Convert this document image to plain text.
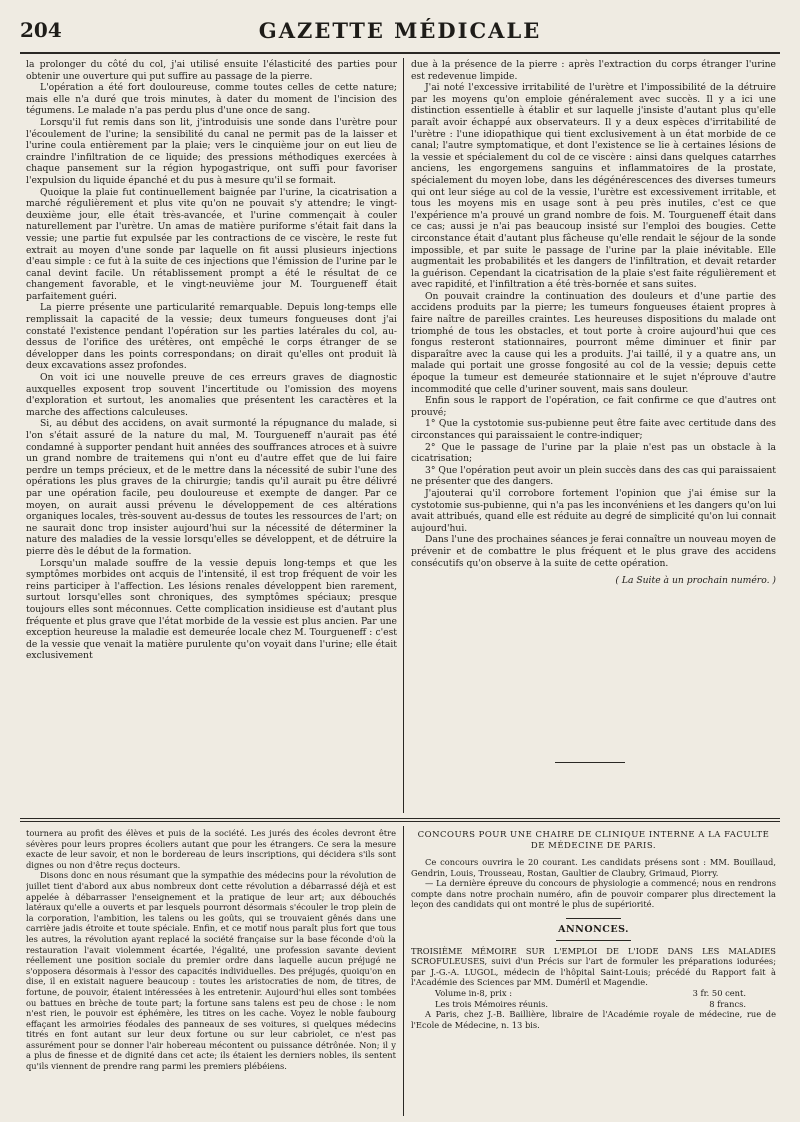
204	GAZETTE MÉDICALE

la prolonger du côté du col, j'ai utilisé ensuite l'élasticité des parties pour obtenir une ouverture qui put suffire au passage de la pierre.

L'opération a été fort douloureuse, comme toutes celles de cette nature; mais elle n'a duré que trois minutes, à dater du moment de l'incision des tégumens. Le malade n'a pas perdu plus d'une once de sang.

Lorsqu'il fut remis dans son lit, j'introduisis une sonde dans l'urètre pour l'écoulement de l'urine; la sensibilité du canal ne permit pas de la laisser et l'urine coula entièrement par la plaie; vers le cinquième jour on eut lieu de craindre l'infiltration de ce liquide; des pressions méthodiques exercées à chaque pansement sur la région hypogastrique, ont suffi pour favoriser l'expulsion du liquide épanché et du pus à mesure qu'il se formait.

Quoique la plaie fut continuellement baignée par l'urine, la cicatrisation a marché régulièrement et plus vite qu'on ne pouvait s'y attendre; le vingt-deuxième jour, elle était très-avancée, et l'urine commençait à couler naturellement par l'urètre. Un amas de matière puriforme s'était fait dans la vessie; une partie fut expulsée par les contractions de ce viscère, le reste fut extrait au moyen d'une sonde par laquelle on fit aussi plusieurs injections d'eau simple : ce fut à la suite de ces injections que l'émission de l'urine par le canal devint facile. Un rétablissement prompt a été le résultat de ce changement favorable, et le vingt-neuvième jour M. Tourgueneff était parfaitement guéri.

La pierre présente une particularité remarquable. Depuis long-temps elle remplissait la capacité de la vessie; deux tumeurs fongueuses dont j'ai constaté l'existence pendant l'opération sur les parties latérales du col, au-dessus de l'orifice des urétères, ont empêché le corps étranger de se développer dans les points correspondans; on dirait qu'elles ont produit là deux excavations assez profondes.

On voit ici une nouvelle preuve de ces erreurs graves de diagnostic auxquelles exposent trop souvent l'incertitude ou l'omission des moyens d'exploration et surtout, les anomalies que présentent les caractères et la marche des affections calculeuses.

Si, au début des accidens, on avait surmonté la répugnance du malade, si l'on s'était assuré de la nature du mal, M. Tourgueneff n'aurait pas été condamné à supporter pendant huit années des souffrances atroces et à suivre un grand nombre de traitemens qui n'ont eu d'autre effet que de lui faire perdre un temps précieux, et de le mettre dans la nécessité de subir l'une des opérations les plus graves de la chirurgie; tandis qu'il aurait pu être délivré par une opération facile, peu douloureuse et exempte de danger. Par ce moyen, on aurait aussi prévenu le développement de ces altérations organiques locales, très-souvent au-dessus de toutes les ressources de l'art; on ne saurait donc trop insister aujourd'hui sur la nécessité de déterminer la nature des maladies de la vessie lorsqu'elles se développent, et de détruire la pierre dès le début de la formation.

Lorsqu'un malade souffre de la vessie depuis long-temps et que les symptômes morbides ont acquis de l'intensité, il est trop fréquent de voir les reins participer à l'affection. Les lésions renales développent bien rarement, surtout lorsqu'elles sont chroniques, des symptômes spéciaux; presque toujours elles sont méconnues. Cette complication insidieuse est d'autant plus fréquente et plus grave que l'état morbide de la vessie est plus ancien. Par une exception heureuse la maladie est demeurée locale chez M. Tourgueneff : c'est de la vessie que venait la matière purulente qu'on voyait dans l'urine; elle était exclusivement

due à la présence de la pierre : après l'extraction du corps étranger l'urine est redevenue limpide.

J'ai noté l'excessive irritabilité de l'urètre et l'impossibilité de la détruire par les moyens qu'on emploie généralement avec succès. Il y a ici une distinction essentielle à établir et sur laquelle j'insiste d'autant plus qu'elle paraît avoir échappé aux observateurs. Il y a deux espèces d'irritabilité de l'urètre : l'une idiopathique qui tient exclusivement à un état morbide de ce canal; l'autre symptomatique, et dont l'existence se lie à certaines lésions de la vessie et spécialement du col de ce viscère : ainsi dans quelques catarrhes anciens, les engorgemens sanguins et inflammatoires de la prostate, spécialement du moyen lobe, dans les dégénérescences des diverses tumeurs qui ont leur siége au col de la vessie, l'urètre est excessivement irritable, et tous les moyens mis en usage sont à peu près inutiles, c'est ce que l'expérience m'a prouvé un grand nombre de fois. M. Tourgueneff était dans ce cas; aussi je n'ai pas beaucoup insisté sur l'emploi des bougies. Cette circonstance était d'autant plus fâcheuse qu'elle rendait le séjour de la sonde impossible, et par suite le passage de l'urine par la plaie inévitable. Elle augmentait les probabilités et les dangers de l'infiltration, et devait retarder la guérison. Cependant la cicatrisation de la plaie s'est faite régulièrement et avec rapidité, et l'infiltration a été très-bornée et sans suites.

On pouvait craindre la continuation des douleurs et d'une partie des accidens produits par la pierre; les tumeurs fongueuses étaient propres à faire naître de pareilles craintes. Les heureuses dispositions du malade ont triomphé de tous les obstacles, et tout porte à croire aujourd'hui que ces fongus resteront stationnaires, pourront même diminuer et finir par disparaître avec la cause qui les a produits. J'ai taillé, il y a quatre ans, un malade qui portait une grosse fongosité au col de la vessie; depuis cette époque la tumeur est demeurée stationnaire et le sujet n'éprouve d'autre incommodité que celle d'uriner souvent, mais sans douleur.

Enfin sous le rapport de l'opération, ce fait confirme ce que d'autres ont prouvé;

1° Que la cystotomie sus-pubienne peut être faite avec certitude dans des circonstances qui paraissaient le contre-indiquer;

2° Que le passage de l'urine par la plaie n'est pas un obstacle à la cicatrisation;

3° Que l'opération peut avoir un plein succès dans des cas qui paraissaient ne présenter que des dangers.

J'ajouterai qu'il corrobore fortement l'opinion que j'ai émise sur la cystotomie sus-pubienne, qui n'a pas les inconvéniens et les dangers qu'on lui avait attribués, quand elle est réduite au degré de simplicité qu'on lui connait aujourd'hui.

Dans l'une des prochaines séances je ferai connaître un nouveau moyen de prévenir et de combattre le plus fréquent et le plus grave des accidens consécutifs qu'on observe à la suite de cette opération.

( La Suite à un prochain numéro. )

tournera au profit des élèves et puis de la société. Les jurés des écoles devront être sévères pour leurs propres écoliers autant que pour les étrangers. Ce sera la mesure exacte de leur savoir, et non le bordereau de leurs inscriptions, qui décidera s'ils sont dignes ou non d'être reçus docteurs.

Disons donc en nous résumant que la sympathie des médecins pour la révolution de juillet tient d'abord aux abus nombreux dont cette révolution a débarrassé déjà et est appelée à débarrasser l'enseignement et la pratique de leur art; aux débouchés latéraux qu'elle a ouverts et par lesquels pourront désormais s'écouler le trop plein de la corporation, l'ambition, les talens ou les goûts, qui se trouvaient gênés dans une carrière jadis étroite et toute spéciale. Enfin, et ce motif nous paraît plus fort que tous les autres, la révolution ayant replacé la société française sur la base féconde d'où la restauration l'avait violemment écartée, l'égalité, une profession savante devient réellement une position sociale du premier ordre dans laquelle aucun préjugé ne s'opposera désormais à l'essor des capacités individuelles. Des préjugés, quoiqu'on en dise, il en existait naguere beaucoup : toutes les aristocraties de nom, de titres, de fortune, de pouvoir, étaient intéressées à les entretenir. Aujourd'hui elles sont tombées ou battues en brèche de toute part; la fortune sans talens est peu de chose : le nom n'est rien, le pouvoir est éphémère, les titres on les cache. Voyez le noble faubourg effaçant les armoiries féodales des panneaux de ses voitures, si quelques médecins titrés en font autant sur leur deux fortune ou sur leur cabriolet, ce n'est pas assurément pour se donner l'air hobereau mécontent ou puissance détrônée. Non; il y a plus de finesse et de dignité dans cet acte; ils étaient les derniers nobles, ils sentent qu'ils viennent de prendre rang parmi les premiers plébéiens.

CONCOURS POUR UNE CHAIRE DE CLINIQUE INTERNE A LA FACULTÉ DE MÉDECINE DE PARIS.

Ce concours ouvrira le 20 courant. Les candidats présens sont : MM. Bouillaud, Gendrin, Louis, Trousseau, Rostan, Gaultier de Claubry, Grimaud, Piorry.

— La dernière épreuve du concours de physiologie a commencé; nous en rendrons compte dans notre prochain numéro, afin de pouvoir comparer plus directement la leçon des candidats qui ont montré le plus de supériorité.

ANNONCES.

TROISIÈME MÉMOIRE SUR L'EMPLOI DE L'IODE DANS LES MALADIES SCROFULEUSES, suivi d'un Précis sur l'art de formuler les préparations iodurées; par J.-G.-A. LUGOL, médecin de l'hôpital Saint-Louis; précédé du Rapport fait à l'Académie des Sciences par MM. Duméril et Magendie.

Volume in-8, prix :	3 fr. 50 cent.
Les trois Mémoires réunis.	8 francs.

A Paris, chez J.-B. Baillière, libraire de l'Académie royale de médecine, rue de l'Ecole de Médecine, n. 13 bis.
